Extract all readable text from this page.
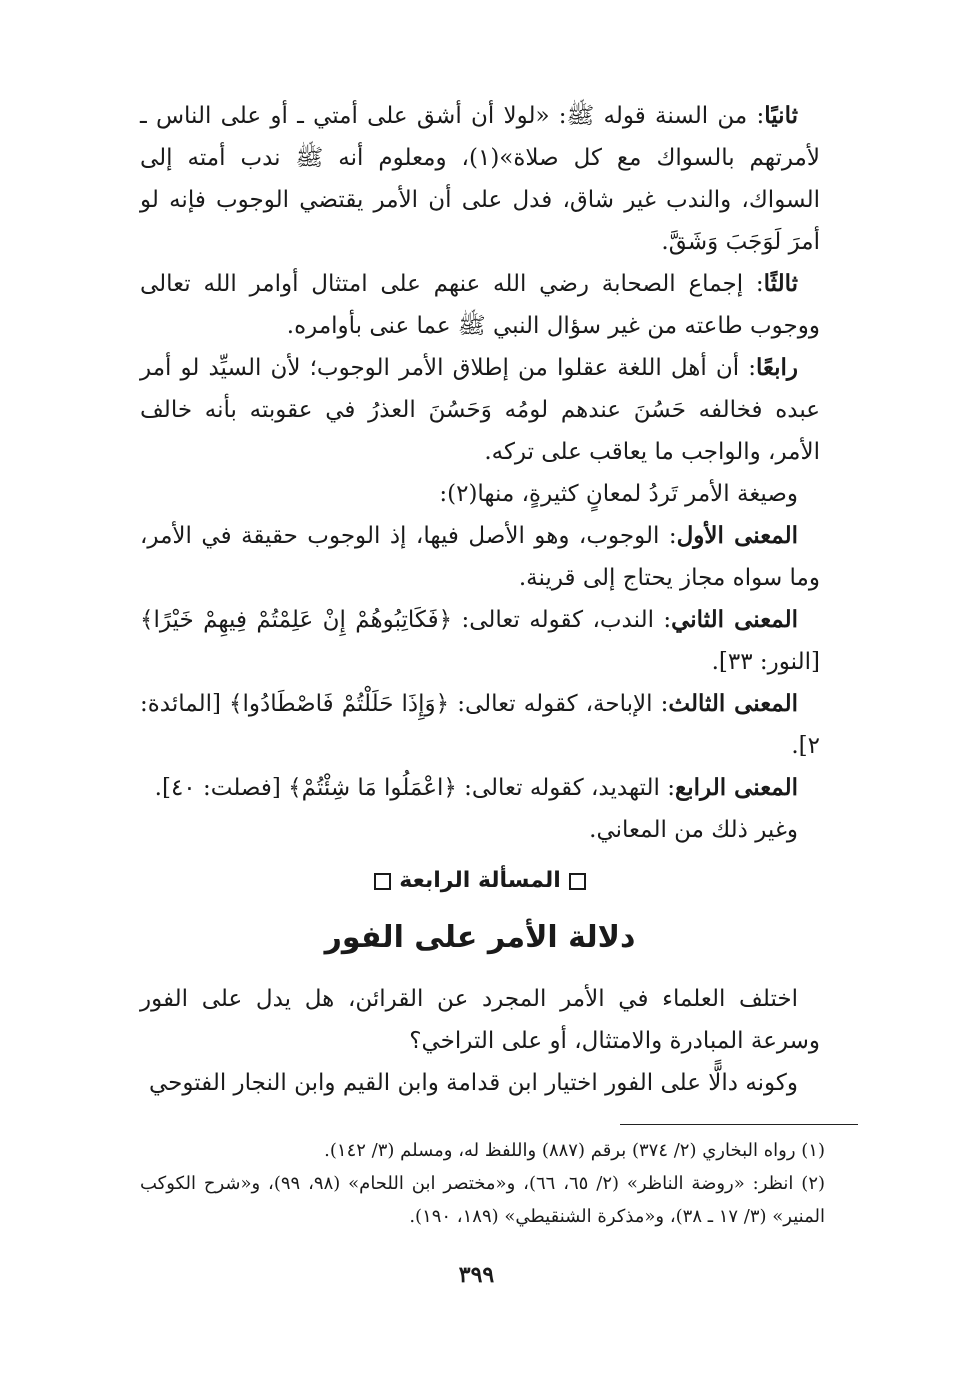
ثانيًا: من السنة قوله ﷺ: «لولا أن أشق على أمتي ـ أو على الناس ـ لأمرتهم بالسواك مع كل صلاة»(١)، ومعلوم أنه ﷺ ندب أمته إلى السواك، والندب غير شاق، فدل على أن الأمر يقتضي الوجوب فإنه لو أمرَ لَوَجَبَ وَشَقَّ.

ثالثًا: إجماع الصحابة رضي الله عنهم على امتثال أوامر الله تعالى ووجوب طاعته من غير سؤال النبي ﷺ عما عنى بأوامره.

رابعًا: أن أهل اللغة عقلوا من إطلاق الأمر الوجوب؛ لأن السيِّد لو أمر عبده فخالفه حَسُنَ عندهم لومُه وَحَسُنَ العذرُ في عقوبته بأنه خالف الأمر، والواجب ما يعاقب على تركه.

وصيغة الأمر تَردُ لمعانٍ كثيرةٍ، منها(٢):

المعنى الأول: الوجوب، وهو الأصل فيها، إذ الوجوب حقيقة في الأمر، وما سواه مجاز يحتاج إلى قرينة.

المعنى الثاني: الندب، كقوله تعالى: ﴿فَكَاتِبُوهُمْ إِنْ عَلِمْتُمْ فِيهِمْ خَيْرًا﴾ [النور: ٣٣].

المعنى الثالث: الإباحة، كقوله تعالى: ﴿وَإِذَا حَلَلْتُمْ فَاصْطَادُوا﴾ [المائدة: ٢].

المعنى الرابع: التهديد، كقوله تعالى: ﴿اعْمَلُوا مَا شِئْتُمْ﴾ [فصلت: ٤٠].

وغير ذلك من المعاني.

المسألة الرابعة
دلالة الأمر على الفور

اختلف العلماء في الأمر المجرد عن القرائن، هل يدل على الفور وسرعة المبادرة والامتثال، أو على التراخي؟

وكونه دالًّا على الفور اختيار ابن قدامة وابن القيم وابن النجار الفتوحي

(١) رواه البخاري (٢/ ٣٧٤) برقم (٨٨٧) واللفظ له، ومسلم (٣/ ١٤٢).

(٢) انظر: «روضة الناظر» (٢/ ٦٥، ٦٦)، و«مختصر ابن اللحام» (٩٨، ٩٩)، و«شرح الكوكب المنير» (٣/ ١٧ ـ ٣٨)، و«مذكرة الشنقيطي» (١٨٩، ١٩٠).

٣٩٩
